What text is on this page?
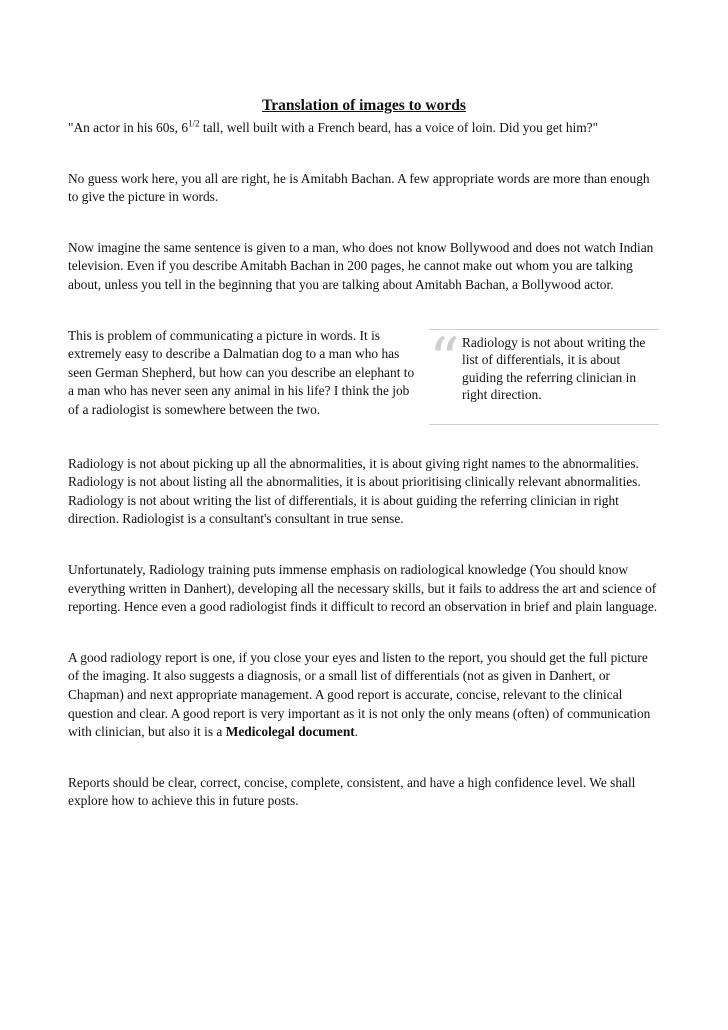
Translation of images to words

"An actor in his 60s, $6^{1/2}$ tall, well built with a French beard, has a voice of loin. Did you get him?"

No guess work here, you all are right, he is Amitabh Bachan. A few appropriate words are more than enough to give the picture in words.

Now imagine the same sentence is given to a man, who does not know Bollywood and does not watch Indian television. Even if you describe Amitabh Bachan in 200 pages, he cannot make out whom you are talking about, unless you tell in the beginning that you are talking about Amitabh Bachan, a Bollywood actor.

This is problem of communicating a picture in words. It is extremely easy to describe a Dalmatian dog to a man who has seen German Shepherd, but how can you describe an elephant to a man who has never seen any animal in his life? I think the job of a radiologist is somewhere between the two.
“ Radiology is not about writing the list of differentials, it is about guiding the referring clinician in right direction.

Radiology is not about picking up all the abnormalities, it is about giving right names to the abnormalities. Radiology is not about listing all the abnormalities, it is about prioritising clinically relevant abnormalities. Radiology is not about writing the list of differentials, it is about guiding the referring clinician in right direction. Radiologist is a consultant's consultant in true sense.

Unfortunately, Radiology training puts immense emphasis on radiological knowledge (You should know everything written in Danhert), developing all the necessary skills, but it fails to address the art and science of reporting. Hence even a good radiologist finds it difficult to record an observation in brief and plain language.

A good radiology report is one, if you close your eyes and listen to the report, you should get the full picture of the imaging. It also suggests a diagnosis, or a small list of differentials (not as given in Danhert, or Chapman) and next appropriate management. A good report is accurate, concise, relevant to the clinical question and clear. A good report is very important as it is not only the only means (often) of communication with clinician, but also it is a Medicolegal document.

Reports should be clear, correct, concise, complete, consistent, and have a high confidence level. We shall explore how to achieve this in future posts.
